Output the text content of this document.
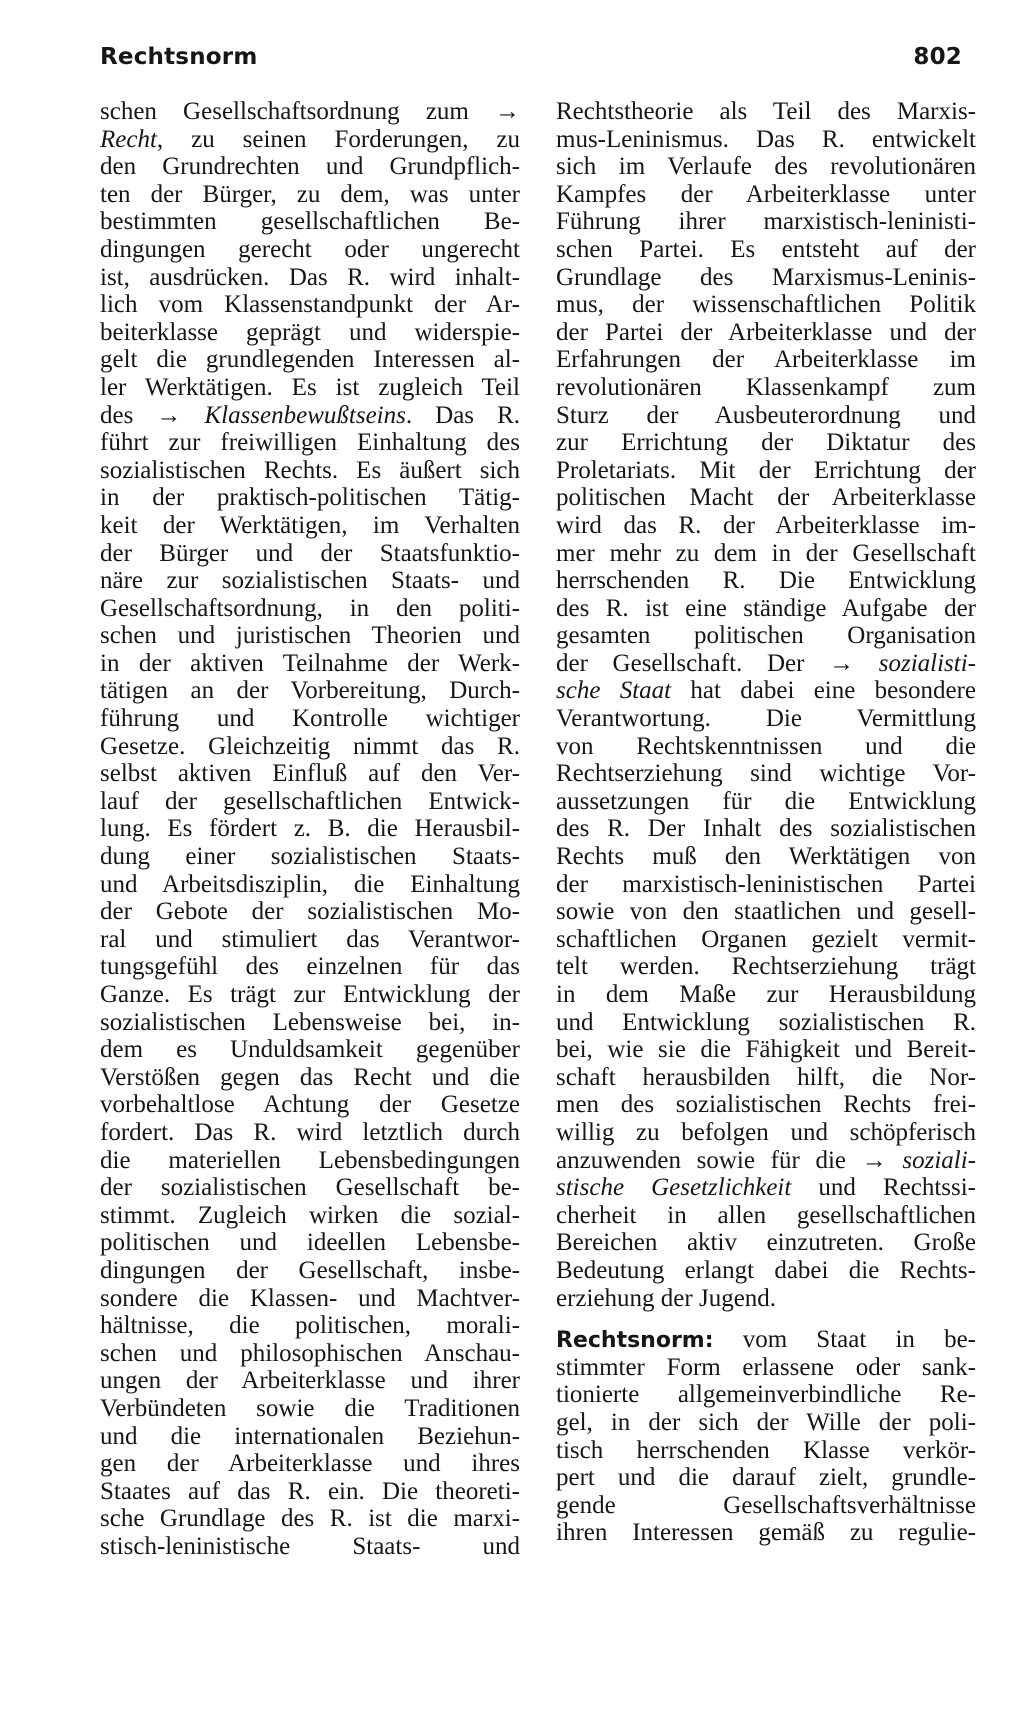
Rechtsnorm	802
schen Gesellschaftsordnung zum →
Recht, zu seinen Forderungen, zu
den Grundrechten und Grundpflich-
ten der Bürger, zu dem, was unter
bestimmten gesellschaftlichen Be-
dingungen gerecht oder ungerecht
ist, ausdrücken. Das R. wird inhalt-
lich vom Klassenstandpunkt der Ar-
beiterklasse geprägt und widerspie-
gelt die grundlegenden Interessen al-
ler Werktätigen. Es ist zugleich Teil
des → Klassenbewußtseins. Das R.
führt zur freiwilligen Einhaltung des
sozialistischen Rechts. Es äußert sich
in der praktisch-politischen Tätig-
keit der Werktätigen, im Verhalten
der Bürger und der Staatsfunktio-
näre zur sozialistischen Staats- und
Gesellschaftsordnung, in den politi-
schen und juristischen Theorien und
in der aktiven Teilnahme der Werk-
tätigen an der Vorbereitung, Durch-
führung und Kontrolle wichtiger
Gesetze. Gleichzeitig nimmt das R.
selbst aktiven Einfluß auf den Ver-
lauf der gesellschaftlichen Entwick-
lung. Es fördert z. B. die Herausbil-
dung einer sozialistischen Staats-
und Arbeitsdisziplin, die Einhaltung
der Gebote der sozialistischen Mo-
ral und stimuliert das Verantwor-
tungsgefühl des einzelnen für das
Ganze. Es trägt zur Entwicklung der
sozialistischen Lebensweise bei, in-
dem es Unduldsamkeit gegenüber
Verstößen gegen das Recht und die
vorbehaltlose Achtung der Gesetze
fordert. Das R. wird letztlich durch
die materiellen Lebensbedingungen
der sozialistischen Gesellschaft be-
stimmt. Zugleich wirken die sozial-
politischen und ideellen Lebensbe-
dingungen der Gesellschaft, insbe-
sondere die Klassen- und Machtver-
hältnisse, die politischen, morali-
schen und philosophischen Anschau-
ungen der Arbeiterklasse und ihrer
Verbündeten sowie die Traditionen
und die internationalen Beziehun-
gen der Arbeiterklasse und ihres
Staates auf das R. ein. Die theoreti-
sche Grundlage des R. ist die marxi-
stisch-leninistische Staats- und
Rechtstheorie als Teil des Marxis-
mus-Leninismus. Das R. entwickelt
sich im Verlaufe des revolutionären
Kampfes der Arbeiterklasse unter
Führung ihrer marxistisch-leninisti-
schen Partei. Es entsteht auf der
Grundlage des Marxismus-Leninis-
mus, der wissenschaftlichen Politik
der Partei der Arbeiterklasse und der
Erfahrungen der Arbeiterklasse im
revolutionären Klassenkampf zum
Sturz der Ausbeuterordnung und
zur Errichtung der Diktatur des
Proletariats. Mit der Errichtung der
politischen Macht der Arbeiterklasse
wird das R. der Arbeiterklasse im-
mer mehr zu dem in der Gesellschaft
herrschenden R. Die Entwicklung
des R. ist eine ständige Aufgabe der
gesamten politischen Organisation
der Gesellschaft. Der → sozialisti-
sche Staat hat dabei eine besondere
Verantwortung. Die Vermittlung
von Rechtskenntnissen und die
Rechtserziehung sind wichtige Vor-
aussetzungen für die Entwicklung
des R. Der Inhalt des sozialistischen
Rechts muß den Werktätigen von
der marxistisch-leninistischen Partei
sowie von den staatlichen und gesell-
schaftlichen Organen gezielt vermit-
telt werden. Rechtserziehung trägt
in dem Maße zur Herausbildung
und Entwicklung sozialistischen R.
bei, wie sie die Fähigkeit und Bereit-
schaft herausbilden hilft, die Nor-
men des sozialistischen Rechts frei-
willig zu befolgen und schöpferisch
anzuwenden sowie für die → soziali-
stische Gesetzlichkeit und Rechtssi-
cherheit in allen gesellschaftlichen
Bereichen aktiv einzutreten. Große
Bedeutung erlangt dabei die Rechts-
erziehung der Jugend.
Rechtsnorm: vom Staat in be-
stimmter Form erlassene oder sank-
tionierte allgemeinverbindliche Re-
gel, in der sich der Wille der poli-
tisch herrschenden Klasse verkör-
pert und die darauf zielt, grundle-
gende Gesellschaftsverhältnisse
ihren Interessen gemäß zu regulie-
